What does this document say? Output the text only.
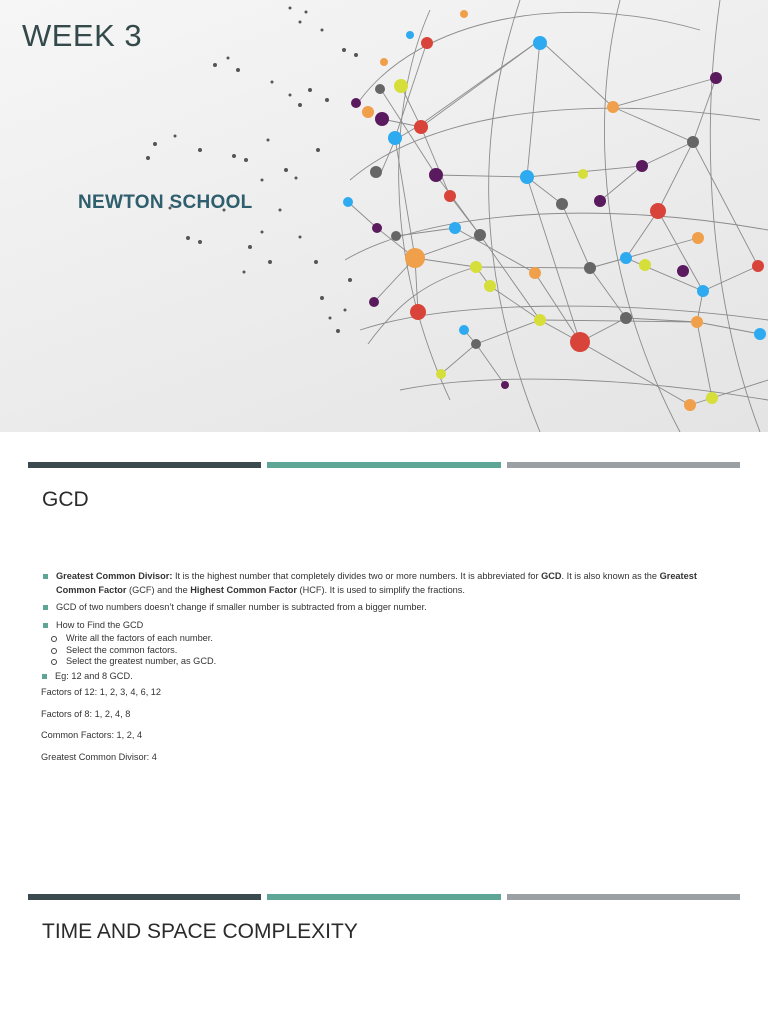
WEEK 3
NEWTON SCHOOL
GCD
Greatest Common Divisor: It is the highest number that completely divides two or more numbers. It is abbreviated for GCD. It is also known as the Greatest Common Factor (GCF) and the Highest Common Factor (HCF). It is used to simplify the fractions.
GCD of two numbers doesn’t change if smaller number is subtracted from a bigger number.
How to Find the GCD
Write all the factors of each number.
Select the common factors.
Select the greatest number, as GCD.
Eg: 12 and 8 GCD.
Factors of 12: 1, 2, 3, 4, 6, 12
Factors of 8: 1, 2, 4, 8
Common Factors: 1, 2, 4
Greatest Common Divisor: 4
TIME AND SPACE COMPLEXITY
